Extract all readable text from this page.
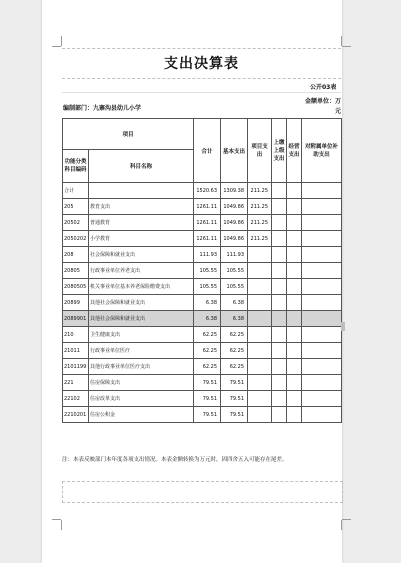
支出决算表
公开03表
金额单位：万元
编制部门：九寨沟县幼儿小学
项目		合计	基本支出	项目支出	上缴上级支出	经营支出	对附属单位补助支出
功能分类科目编码	科目名称						
合计		1520.63	1309.38	211.25			
205	教育支出	1261.11	1049.86	211.25			
20502	普通教育	1261.11	1049.86	211.25			
2050202	小学教育	1261.11	1049.86	211.25			
208	社会保障和就业支出	111.93	111.93				
20805	行政事业单位养老支出	105.55	105.55				
2080505	机关事业单位基本养老保险缴费支出	105.55	105.55				
20899	其他社会保障和就业支出	6.38	6.38				
2089901	其他社会保障和就业支出	6.38	6.38				
210	卫生健康支出	62.25	62.25				
21011	行政事业单位医疗	62.25	62.25				
2101199	其他行政事业单位医疗支出	62.25	62.25				
221	住房保障支出	79.51	79.51				
22102	住房改革支出	79.51	79.51				
2210201	住房公积金	79.51	79.51				
注：本表反映部门本年度各项支出情况。本表金额转换为万元时，因四舍五入可能存在尾差。
